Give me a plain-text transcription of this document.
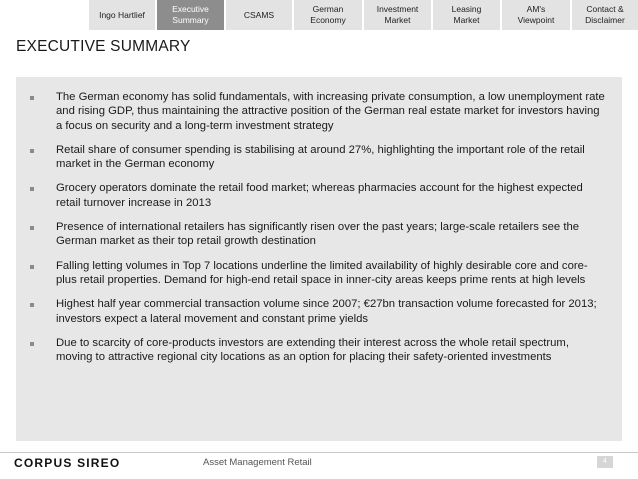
Ingo Hartlief
Executive
Summary
CSAMS
German
Economy
Investment
Market
Leasing
Market
AM's
Viewpoint
Contact &
Disclaimer
EXECUTIVE SUMMARY
The German economy has solid fundamentals, with increasing private consumption, a low unemployment rate and rising GDP, thus maintaining the attractive position of the German real estate market for investors having a focus on security and a long-term investment strategy
Retail share of consumer spending is stabilising at around 27%, highlighting the important role of the retail market in the German economy
Grocery operators dominate the retail food market; whereas pharmacies account for the highest expected retail turnover increase in 2013
Presence of international retailers has significantly risen over the past years; large-scale retailers see the German market as their top retail growth destination
Falling letting volumes in Top 7 locations underline the limited availability of highly desirable core and core-plus retail properties. Demand for high-end retail space in inner-city areas keeps prime rents at high levels
Highest half year commercial transaction volume since 2007; €27bn transaction volume forecasted for 2013; investors expect a lateral movement and constant prime yields
Due to scarcity of core-products investors are extending their interest across the whole retail spectrum, moving to attractive regional city locations as an option for placing their safety-oriented investments
CORPUS SIREO	Asset Management Retail	4
